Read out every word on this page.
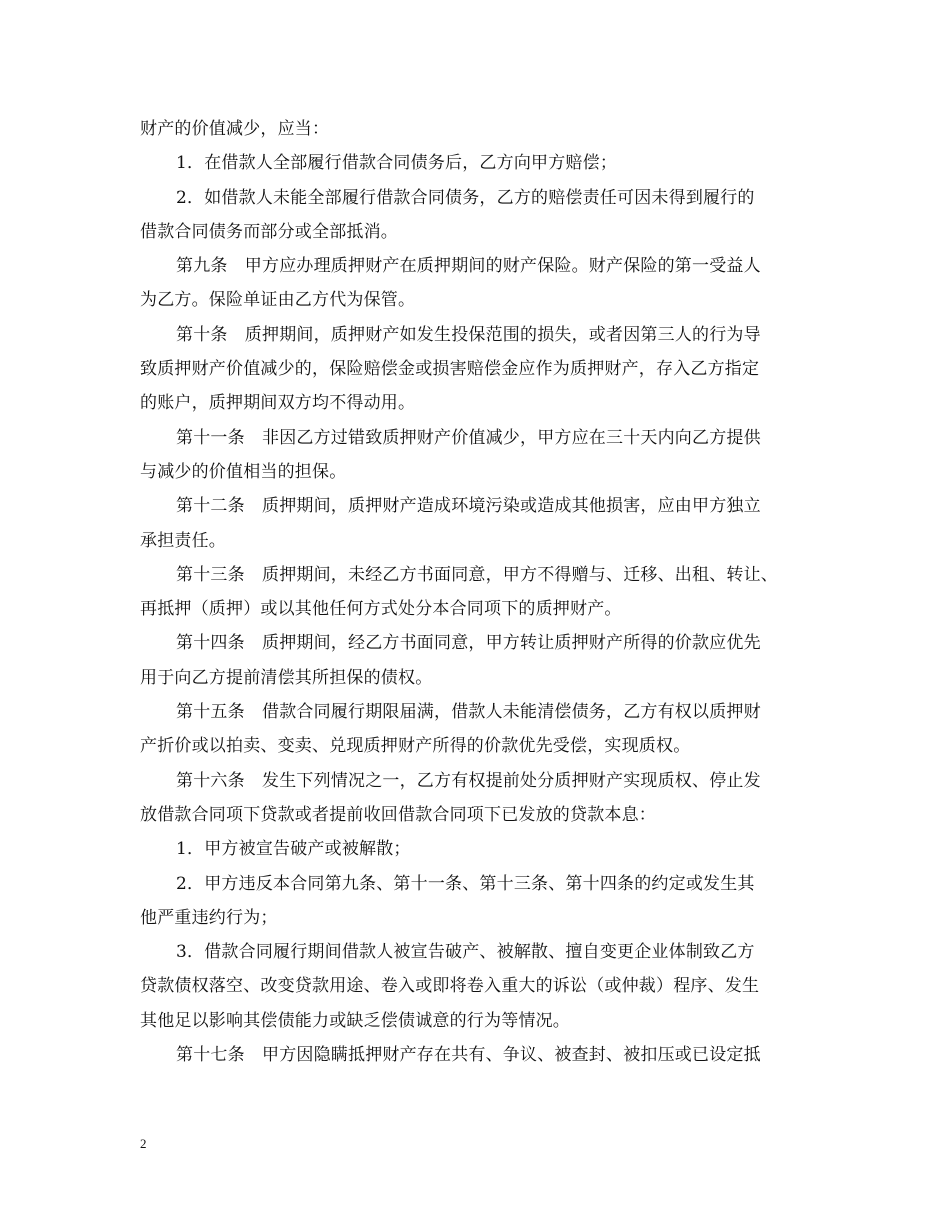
财产的价值减少，应当：
1．在借款人全部履行借款合同债务后，乙方向甲方赔偿；
2．如借款人未能全部履行借款合同债务，乙方的赔偿责任可因未得到履行的
借款合同债务而部分或全部抵消。
第九条　甲方应办理质押财产在质押期间的财产保险。财产保险的第一受益人
为乙方。保险单证由乙方代为保管。
第十条　质押期间，质押财产如发生投保范围的损失，或者因第三人的行为导
致质押财产价值减少的，保险赔偿金或损害赔偿金应作为质押财产，存入乙方指定
的账户，质押期间双方均不得动用。
第十一条　非因乙方过错致质押财产价值减少，甲方应在三十天内向乙方提供
与减少的价值相当的担保。
第十二条　质押期间，质押财产造成环境污染或造成其他损害，应由甲方独立
承担责任。
第十三条　质押期间，未经乙方书面同意，甲方不得赠与、迁移、出租、转让、
再抵押（质押）或以其他任何方式处分本合同项下的质押财产。
第十四条　质押期间，经乙方书面同意，甲方转让质押财产所得的价款应优先
用于向乙方提前清偿其所担保的债权。
第十五条　借款合同履行期限届满，借款人未能清偿债务，乙方有权以质押财
产折价或以拍卖、变卖、兑现质押财产所得的价款优先受偿，实现质权。
第十六条　发生下列情况之一，乙方有权提前处分质押财产实现质权、停止发
放借款合同项下贷款或者提前收回借款合同项下已发放的贷款本息：
1．甲方被宣告破产或被解散；
2．甲方违反本合同第九条、第十一条、第十三条、第十四条的约定或发生其
他严重违约行为；
3．借款合同履行期间借款人被宣告破产、被解散、擅自变更企业体制致乙方
贷款债权落空、改变贷款用途、卷入或即将卷入重大的诉讼（或仲裁）程序、发生
其他足以影响其偿债能力或缺乏偿债诚意的行为等情况。
第十七条　甲方因隐瞒抵押财产存在共有、争议、被查封、被扣压或已设定抵
2
